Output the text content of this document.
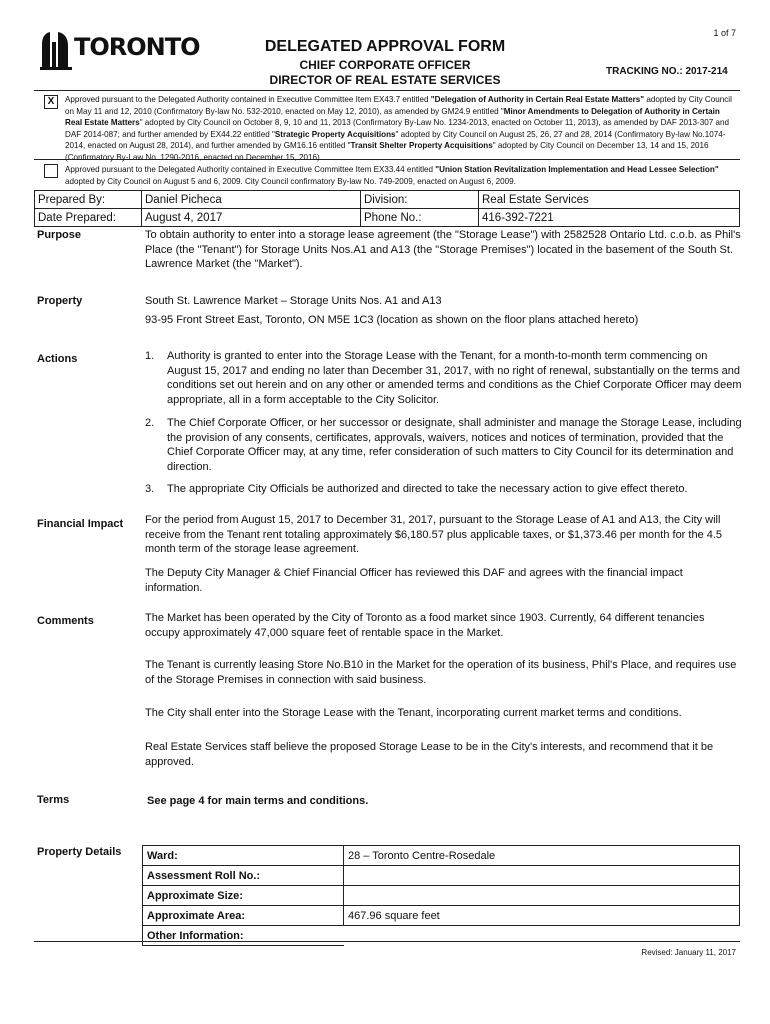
1 of 7
TORONTO	DELEGATED APPROVAL FORM
CHIEF CORPORATE OFFICER
DIRECTOR OF REAL ESTATE SERVICES
TRACKING NO.: 2017-214
X	Approved pursuant to the Delegated Authority contained in Executive Committee Item EX43.7 entitled "Delegation of Authority in Certain Real Estate Matters" adopted by City Council on May 11 and 12, 2010 (Confirmatory By-law No. 532-2010, enacted on May 12, 2010), as amended by GM24.9 entitled "Minor Amendments to Delegation of Authority in Certain Real Estate Matters" adopted by City Council on October 8, 9, 10 and 11, 2013 (Confirmatory By-Law No. 1234-2013, enacted on October 11, 2013), as amended by DAF 2013-307 and DAF 2014-087; and further amended by EX44.22 entitled "Strategic Property Acquisitions" adopted by City Council on August 25, 26, 27 and 28, 2014 (Confirmatory By-law No.1074-2014, enacted on August 28, 2014), and further amended by GM16.16 entitled "Transit Shelter Property Acquisitions" adopted by City Council on December 13, 14 and 15, 2016 (Confirmatory By-Law No. 1290-2016, enacted on December 15, 2016).
Approved pursuant to the Delegated Authority contained in Executive Committee Item EX33.44 entitled "Union Station Revitalization Implementation and Head Lessee Selection" adopted by City Council on August 5 and 6, 2009. City Council confirmatory By-law No. 749-2009, enacted on August 6, 2009.
Prepared By:	Daniel Picheca	Division:	Real Estate Services
Date Prepared:	August 4, 2017	Phone No.:	416-392-7221
Purpose	To obtain authority to enter into a storage lease agreement (the "Storage Lease") with 2582528 Ontario Ltd. c.o.b. as Phil's Place (the "Tenant") for Storage Units Nos.A1 and A13 (the "Storage Premises") located in the basement of the South St. Lawrence Market (the "Market").
Property	South St. Lawrence Market – Storage Units Nos. A1 and A13
93-95 Front Street East, Toronto, ON M5E 1C3 (location as shown on the floor plans attached hereto)
Actions	1.	Authority is granted to enter into the Storage Lease with the Tenant, for a month-to-month term commencing on August 15, 2017 and ending no later than December 31, 2017, with no right of renewal, substantially on the terms and conditions set out herein and on any other or amended terms and conditions as the Chief Corporate Officer may deem appropriate, all in a form acceptable to the City Solicitor.
2.	The Chief Corporate Officer, or her successor or designate, shall administer and manage the Storage Lease, including the provision of any consents, certificates, approvals, waivers, notices and notices of termination, provided that the Chief Corporate Officer may, at any time, refer consideration of such matters to City Council for its determination and direction.
3.	The appropriate City Officials be authorized and directed to take the necessary action to give effect thereto.
Financial Impact For the period from August 15, 2017 to December 31, 2017, pursuant to the Storage Lease of A1 and A13, the City will receive from the Tenant rent totaling approximately $6,180.57 plus applicable taxes, or $1,373.46 per month for the 4.5 month term of the storage lease agreement.
The Deputy City Manager & Chief Financial Officer has reviewed this DAF and agrees with the financial impact information.
Comments	The Market has been operated by the City of Toronto as a food market since 1903. Currently, 64 different tenancies occupy approximately 47,000 square feet of rentable space in the Market.
The Tenant is currently leasing Store No.B10 in the Market for the operation of its business, Phil's Place, and requires use of the Storage Premises in connection with said business.
The City shall enter into the Storage Lease with the Tenant, incorporating current market terms and conditions.
Real Estate Services staff believe the proposed Storage Lease to be in the City's interests, and recommend that it be approved.
Terms	See page 4 for main terms and conditions.
Property Details Ward:	28 – Toronto Centre-Rosedale
Assessment Roll No.:	
Approximate Size:	
Approximate Area:	467.96 square feet
Other Information:	
Revised: January 11, 2017
